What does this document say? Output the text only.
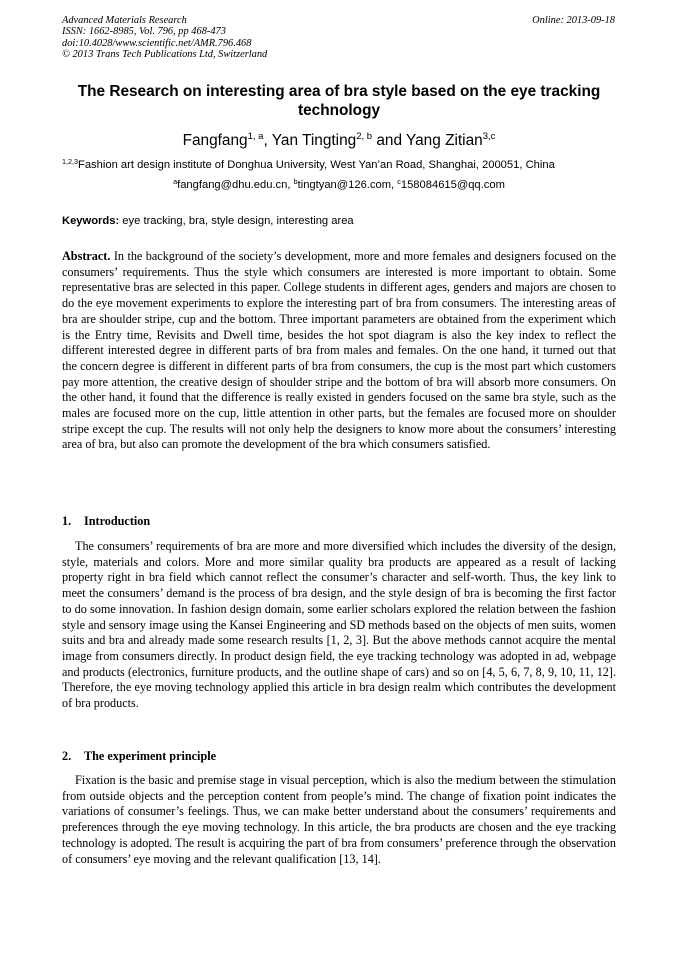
Advanced Materials Research
ISSN: 1662-8985, Vol. 796, pp 468-473
doi:10.4028/www.scientific.net/AMR.796.468
© 2013 Trans Tech Publications Ltd, Switzerland
Online: 2013-09-18
The Research on interesting area of bra style based on the eye tracking technology
Fangfang$^{1, a}$, Yan Tingting$^{2, b}$ and Yang Zitian$^{3,c}$
$^{1,2,3}$Fashion art design institute of Donghua University, West Yan’an Road, Shanghai, 200051, China
$^a$fangfang@dhu.edu.cn, $^b$tingtyan@126.com, $^c$158084615@qq.com
Keywords: eye tracking, bra, style design, interesting area
Abstract. In the background of the society’s development, more and more females and designers focused on the consumers’ requirements. Thus the style which consumers are interested is more important to obtain. Some representative bras are selected in this paper. College students in different ages, genders and majors are chosen to do the eye movement experiments to explore the interesting part of bra from consumers. The interesting areas of bra are shoulder stripe, cup and the bottom. Three important parameters are obtained from the experiment which is the Entry time, Revisits and Dwell time, besides the hot spot diagram is also the key index to reflect the different interested degree in different parts of bra from males and females. On the one hand, it turned out that the concern degree is different in different parts of bra from consumers, the cup is the most part which customers pay more attention, the creative design of shoulder stripe and the bottom of bra will absorb more consumers. On the other hand, it found that the difference is really existed in genders focused on the same bra style, such as the males are focused more on the cup, little attention in other parts, but the females are focused more on shoulder stripe except the cup. The results will not only help the designers to know more about the consumers’ interesting area of bra, but also can promote the development of the bra which consumers satisfied.
1. Introduction
The consumers’ requirements of bra are more and more diversified which includes the diversity of the design, style, materials and colors. More and more similar quality bra products are appeared as a result of lacking property right in bra field which cannot reflect the consumer’s character and self-worth. Thus, the key link to meet the consumers’ demand is the process of bra design, and the style design of bra is becoming the first factor to do some innovation. In fashion design domain, some earlier scholars explored the relation between the fashion style and sensory image using the Kansei Engineering and SD methods based on the objects of men suits, women suits and bra and already made some research results [1, 2, 3]. But the above methods cannot acquire the mental image from consumers directly. In product design field, the eye tracking technology was adopted in ad, webpage and products (electronics, furniture products, and the outline shape of cars) and so on [4, 5, 6, 7, 8, 9, 10, 11, 12]. Therefore, the eye moving technology applied this article in bra design realm which contributes the development of bra products.
2. The experiment principle
Fixation is the basic and premise stage in visual perception, which is also the medium between the stimulation from outside objects and the perception content from people’s mind. The change of fixation point indicates the variations of consumer’s feelings. Thus, we can make better understand about the consumers’ requirements and preferences through the eye moving technology. In this article, the bra products are chosen and the eye tracking technology is adopted. The result is acquiring the part of bra from consumers’ preference through the observation of consumers’ eye moving and the relevant qualification [13, 14].
